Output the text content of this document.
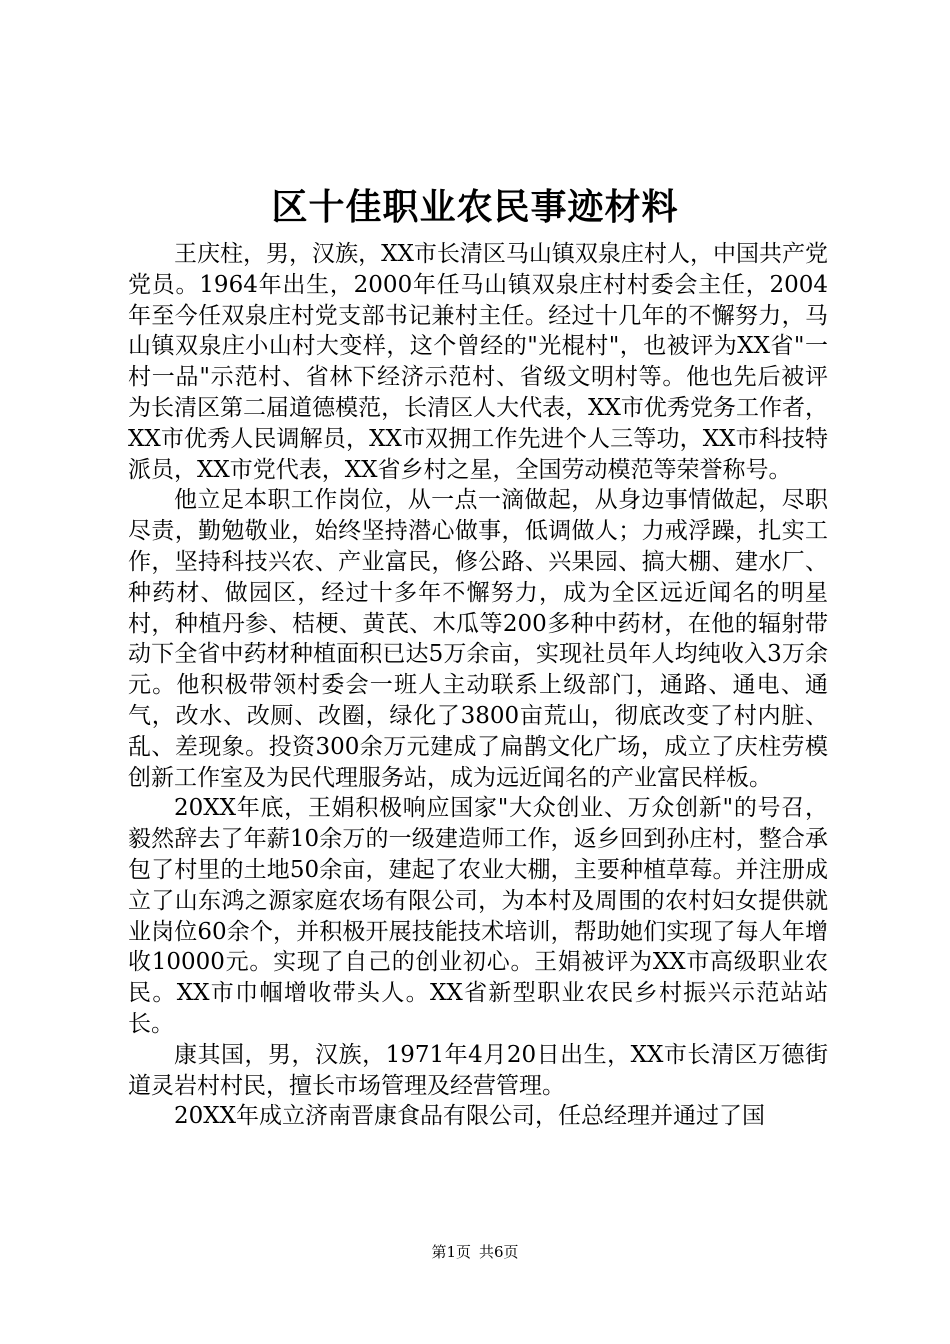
区十佳职业农民事迹材料

王庆柱，男，汉族，XX市长清区马山镇双泉庄村人，中国共产党党员。1964年出生，2000年任马山镇双泉庄村村委会主任，2004年至今任双泉庄村党支部书记兼村主任。经过十几年的不懈努力，马山镇双泉庄小山村大变样，这个曾经的"光棍村"，也被评为XX省"一村一品"示范村、省林下经济示范村、省级文明村等。他也先后被评为长清区第二届道德模范，长清区人大代表，XX市优秀党务工作者，XX市优秀人民调解员，XX市双拥工作先进个人三等功，XX市科技特派员，XX市党代表，XX省乡村之星，全国劳动模范等荣誉称号。

他立足本职工作岗位，从一点一滴做起，从身边事情做起，尽职尽责，勤勉敬业，始终坚持潜心做事，低调做人；力戒浮躁，扎实工作，坚持科技兴农、产业富民，修公路、兴果园、搞大棚、建水厂、种药材、做园区，经过十多年不懈努力，成为全区远近闻名的明星村，种植丹参、桔梗、黄芪、木瓜等200多种中药材，在他的辐射带动下全省中药材种植面积已达5万余亩，实现社员年人均纯收入3万余元。他积极带领村委会一班人主动联系上级部门，通路、通电、通气，改水、改厕、改圈，绿化了3800亩荒山，彻底改变了村内脏、乱、差现象。投资300余万元建成了扁鹊文化广场，成立了庆柱劳模创新工作室及为民代理服务站，成为远近闻名的产业富民样板。

20XX年底，王娟积极响应国家"大众创业、万众创新"的号召，毅然辞去了年薪10余万的一级建造师工作，返乡回到孙庄村，整合承包了村里的土地50余亩，建起了农业大棚，主要种植草莓。并注册成立了山东鸿之源家庭农场有限公司，为本村及周围的农村妇女提供就业岗位60余个，并积极开展技能技术培训，帮助她们实现了每人年增收10000元。实现了自己的创业初心。王娟被评为XX市高级职业农民。XX市巾帼增收带头人。XX省新型职业农民乡村振兴示范站站长。

康其国，男，汉族，1971年4月20日出生，XX市长清区万德街道灵岩村村民，擅长市场管理及经营管理。

20XX年成立济南晋康食品有限公司，任总经理并通过了国

第1页 共6页
